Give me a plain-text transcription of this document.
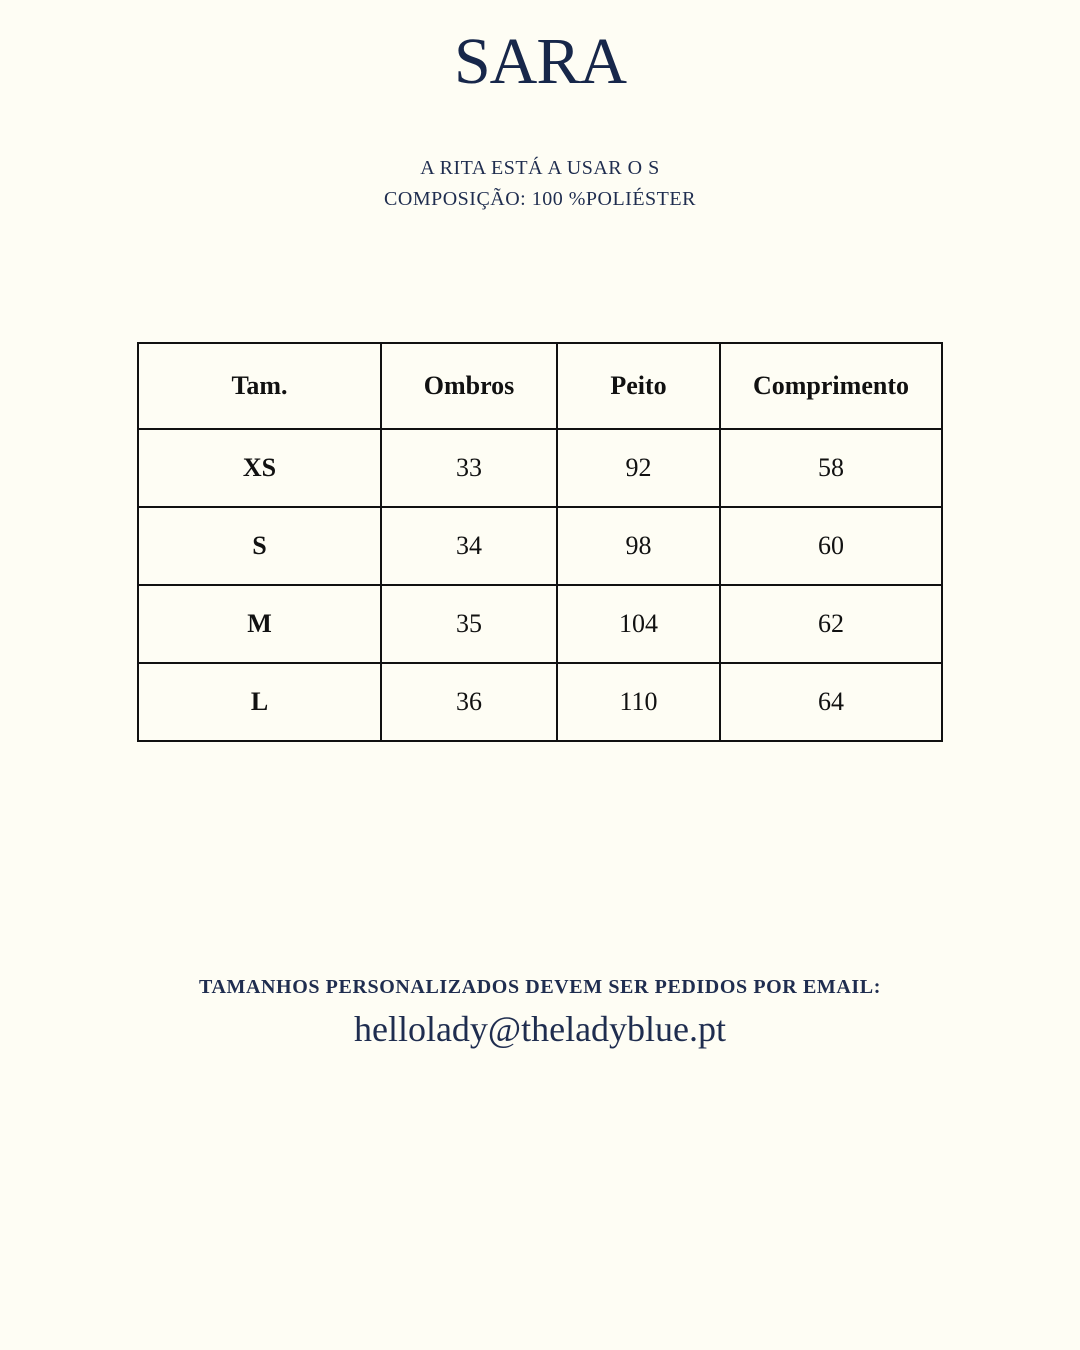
SARA
A RITA ESTÁ A USAR O S
COMPOSIÇÃO: 100 %POLIÉSTER
Tam.	Ombros	Peito	Comprimento
XS	33	92	58
S	34	98	60
M	35	104	62
L	36	110	64
TAMANHOS PERSONALIZADOS DEVEM SER PEDIDOS POR EMAIL:
hellolady@theladyblue.pt
